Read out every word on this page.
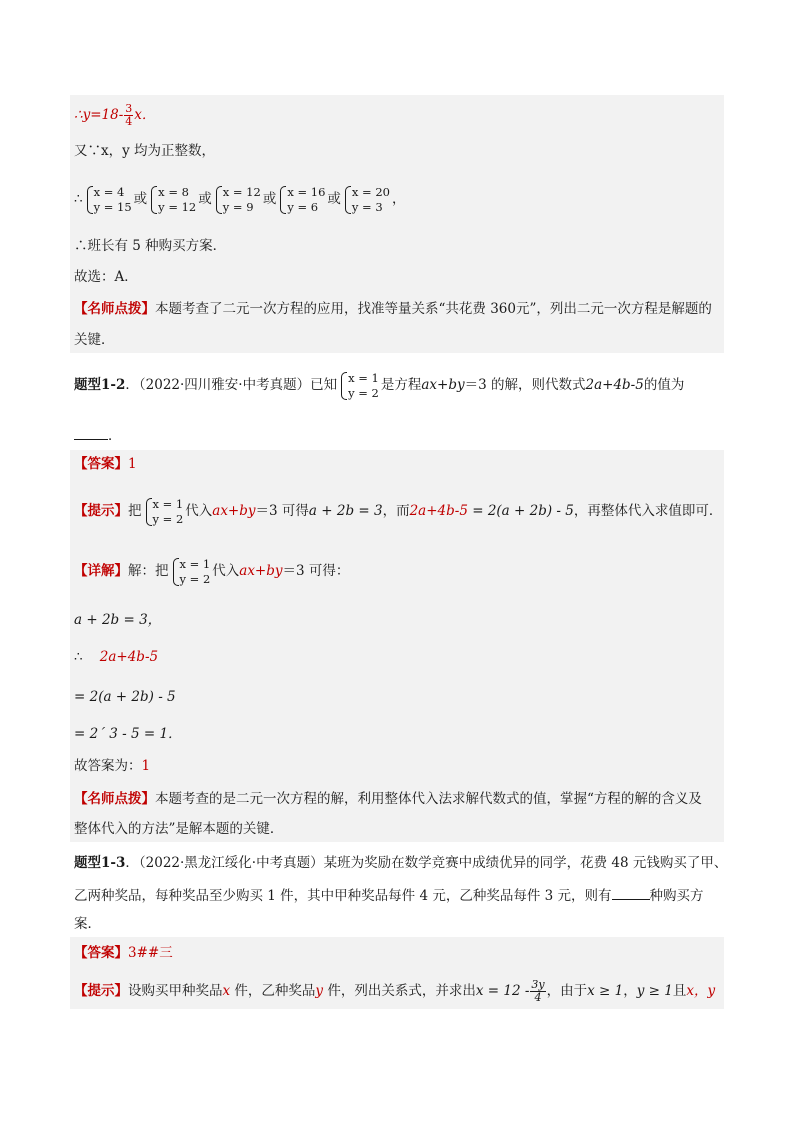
∴y=18- $\frac{3}{4}$ x．
又∵x，y 均为正整数，
∴ x = 4
y = 15 或 x = 8
y = 12 或 x = 12
y = 9 或 x = 16
y = 6 或 x = 20
y = 3 ，
∴班长有 5 种购买方案．
故选：A．
【名师点拨】本题考查了二元一次方程的应用，找准等量关系“共花费 360元”，列出二元一次方程是解题的
关键．
题型1-2．（2022·四川雅安·中考真题）已知 x = 1
y = 2 是方程ax+by＝3 的解，则代数式2a+4b-5的值为
．
【答案】1
【提示】把 x = 1
y = 2 代入ax+by＝3 可得a + 2b = 3，而2a+4b-5 = 2(a + 2b) - 5，再整体代入求值即可．
【详解】解：把 x = 1
y = 2 代入ax+by＝3 可得：
a + 2b = 3，
∴ 2a+4b-5
= 2(a + 2b) - 5
= 2´ 3 - 5 = 1．
故答案为：1
【名师点拨】本题考查的是二元一次方程的解，利用整体代入法求解代数式的值，掌握“方程的解的含义及
整体代入的方法”是解本题的关键．
题型1-3．（2022·黑龙江绥化·中考真题）某班为奖励在数学竞赛中成绩优异的同学，花费 48 元钱购买了甲、
乙两种奖品，每种奖品至少购买 1 件，其中甲种奖品每件 4 元，乙种奖品每件 3 元，则有	种购买方
案．
【答案】3##三
【提示】设购买甲种奖品x 件，乙种奖品y 件，列出关系式，并求出$x = 12 - \frac{3y}{4}$ ，由于x ≥ 1，y ≥ 1且x，y
